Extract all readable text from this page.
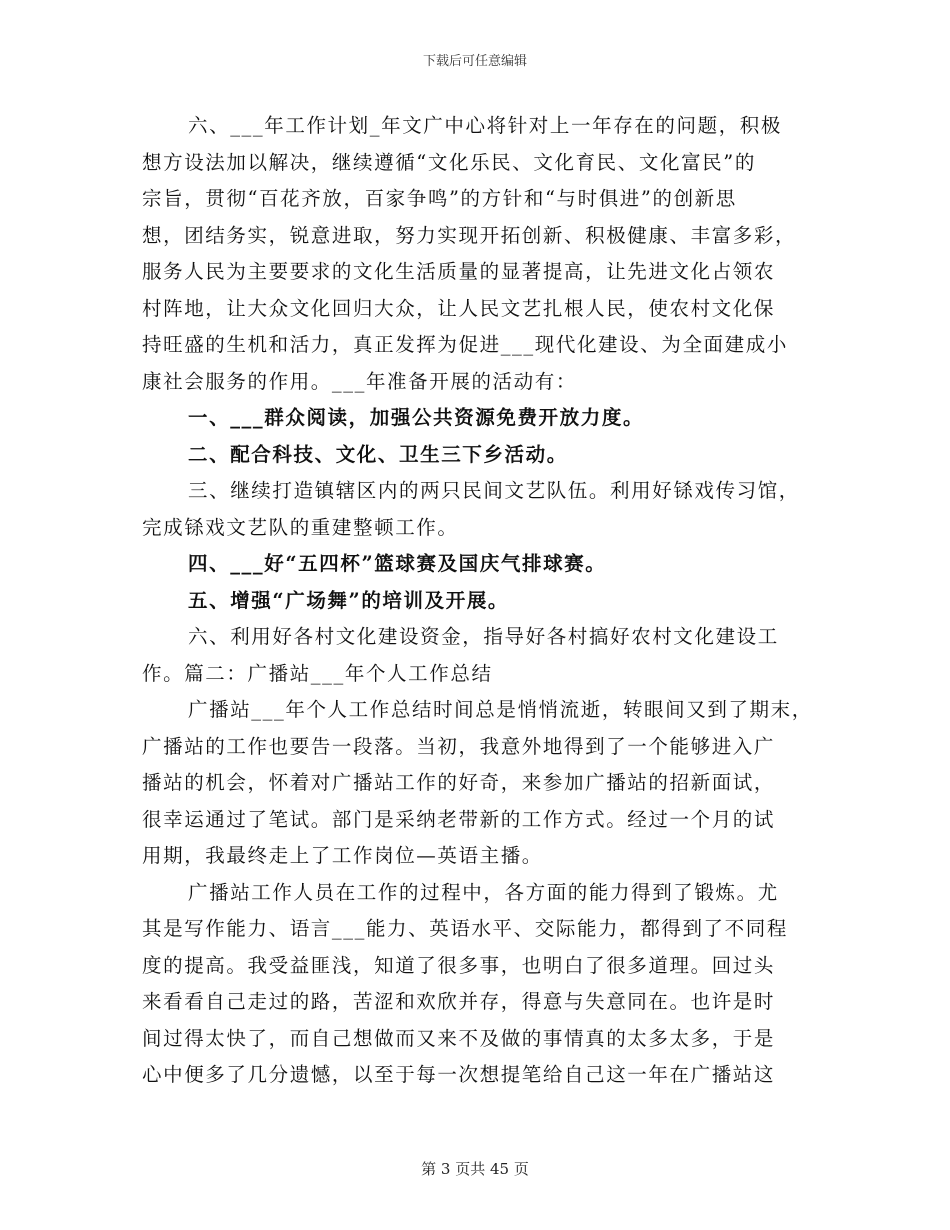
下载后可任意编辑
六、___年工作计划_年文广中心将针对上一年存在的问题，积极
想方设法加以解决，继续遵循“文化乐民、文化育民、文化富民”的
宗旨，贯彻“百花齐放，百家争鸣”的方针和“与时俱进”的创新思
想，团结务实，锐意进取，努力实现开拓创新、积极健康、丰富多彩，
服务人民为主要要求的文化生活质量的显著提高，让先进文化占领农
村阵地，让大众文化回归大众，让人民文艺扎根人民，使农村文化保
持旺盛的生机和活力，真正发挥为促进___现代化建设、为全面建成小
康社会服务的作用。___年准备开展的活动有：
一、___群众阅读，加强公共资源免费开放力度。
二、配合科技、文化、卫生三下乡活动。
三、继续打造镇辖区内的两只民间文艺队伍。利用好铩戏传习馆，
完成铩戏文艺队的重建整顿工作。
四、___好“五四杯”篮球赛及国庆气排球赛。
五、增强“广场舞”的培训及开展。
六、利用好各村文化建设资金，指导好各村搞好农村文化建设工
作。篇二：广播站___年个人工作总结
广播站___年个人工作总结时间总是悄悄流逝，转眼间又到了期末，
广播站的工作也要告一段落。当初，我意外地得到了一个能够进入广
播站的机会，怀着对广播站工作的好奇，来参加广播站的招新面试，
很幸运通过了笔试。部门是采纳老带新的工作方式。经过一个月的试
用期，我最终走上了工作岗位—英语主播。
广播站工作人员在工作的过程中，各方面的能力得到了锻炼。尤
其是写作能力、语言___能力、英语水平、交际能力，都得到了不同程
度的提高。我受益匪浅，知道了很多事，也明白了很多道理。回过头
来看看自己走过的路，苦涩和欢欣并存，得意与失意同在。也许是时
间过得太快了，而自己想做而又来不及做的事情真的太多太多，于是
心中便多了几分遗憾，以至于每一次想提笔给自己这一年在广播站这
第 3 页共 45 页
